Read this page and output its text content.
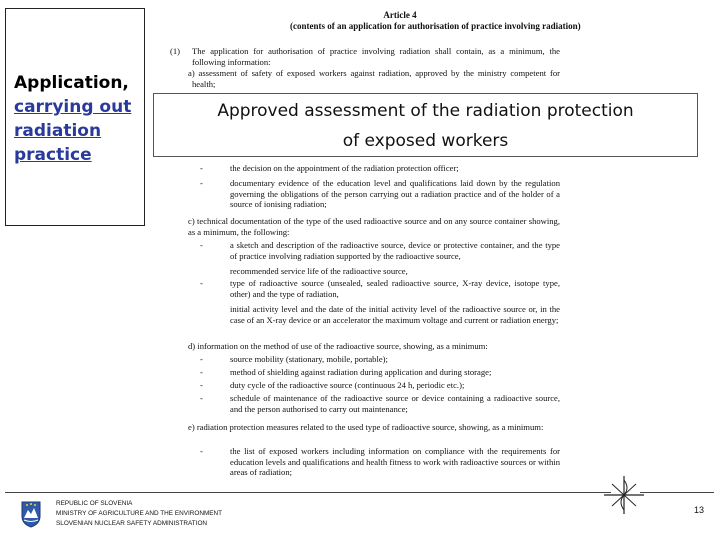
Application,
carrying out
radiation
practice
Article 4
(contents of an application for authorisation of practice involving radiation)
(1) The application for authorisation of practice involving radiation shall contain, as a minimum, the following information:
a) assessment of safety of exposed workers against radiation, approved by the ministry competent for health;
-	the decision on the appointment of the radiation protection officer;
-	documentary evidence of the education level and qualifications laid down by the regulation governing the obligations of the person carrying out a radiation practice and of the holder of a source of ionising radiation;
c) technical documentation of the type of the used radioactive source and on any source container showing, as a minimum, the following:
-	a sketch and description of the radioactive source, device or protective container, and the type of practice involving radiation supported by the radioactive source,
recommended service life of the radioactive source,
-	type of radioactive source (unsealed, sealed radioactive source, X-ray device, isotope type, other) and the type of radiation,
initial activity level and the date of the initial activity level of the radioactive source or, in the case of an X-ray device or an accelerator the maximum voltage and current or radiation energy;
d) information on the method of use of the radioactive source, showing, as a minimum:
-	source mobility (stationary, mobile, portable);
-	method of shielding against radiation during application and during storage;
-	duty cycle of the radioactive source (continuous 24 h, periodic etc.);
-	schedule of maintenance of the radioactive source or device containing a radioactive source, and the person authorised to carry out maintenance;
e) radiation protection measures related to the used type of radioactive source, showing, as a minimum:
-	the list of exposed workers including information on compliance with the requirements for education levels and qualifications and health fitness to work with radioactive sources or within areas of radiation;
Approved assessment of the radiation protection
of exposed workers
REPUBLIC OF SLOVENIA
MINISTRY OF AGRICULTURE AND THE ENVIRONMENT
SLOVENIAN NUCLEAR SAFETY ADMINISTRATION
13
